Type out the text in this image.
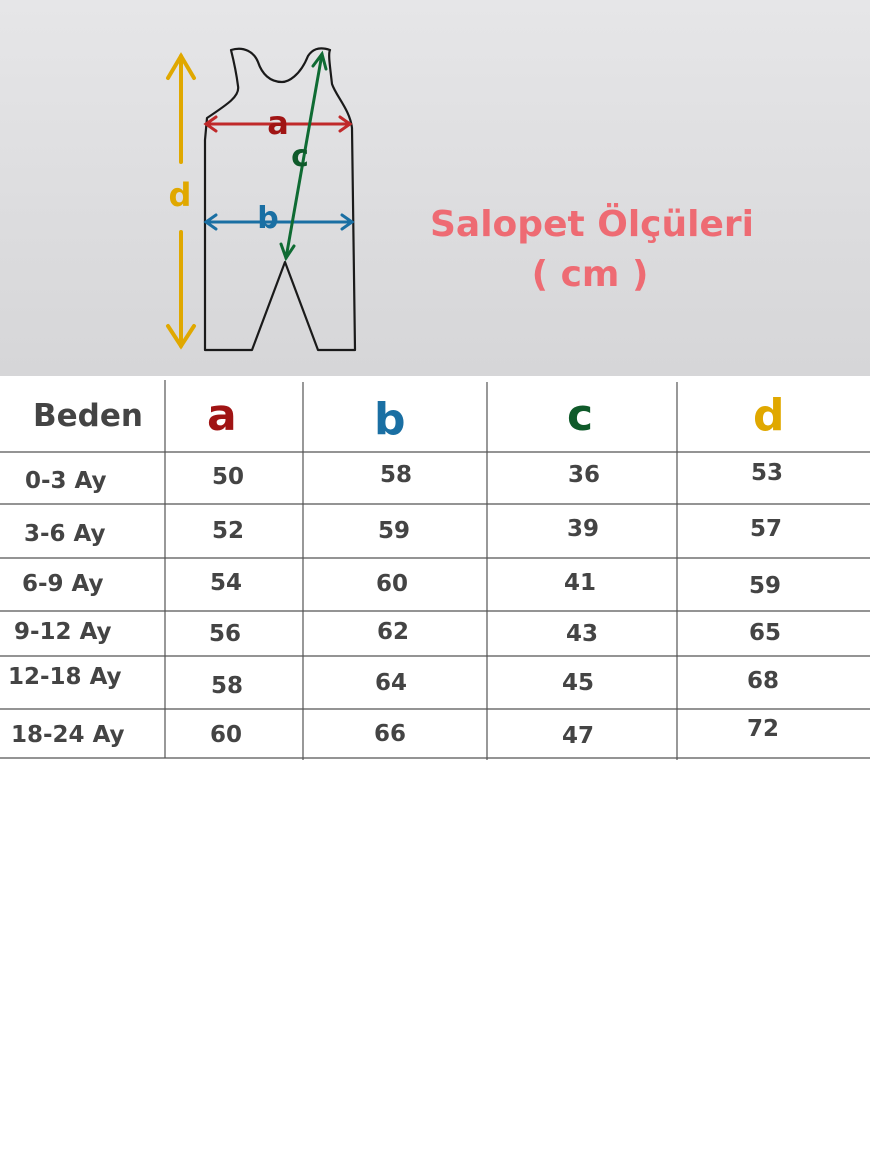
a
b
c
d
Salopet Ölçüleri
( cm )
Beden a	b	c	d
0-3 Ay	50	58	36	53
3-6 Ay	52	59	39	57
6-9 Ay	54	60	41	59
9-12 Ay	56	62	43	65
12-18 Ay	58	64	45	68
18-24 Ay	60	66	47	72
